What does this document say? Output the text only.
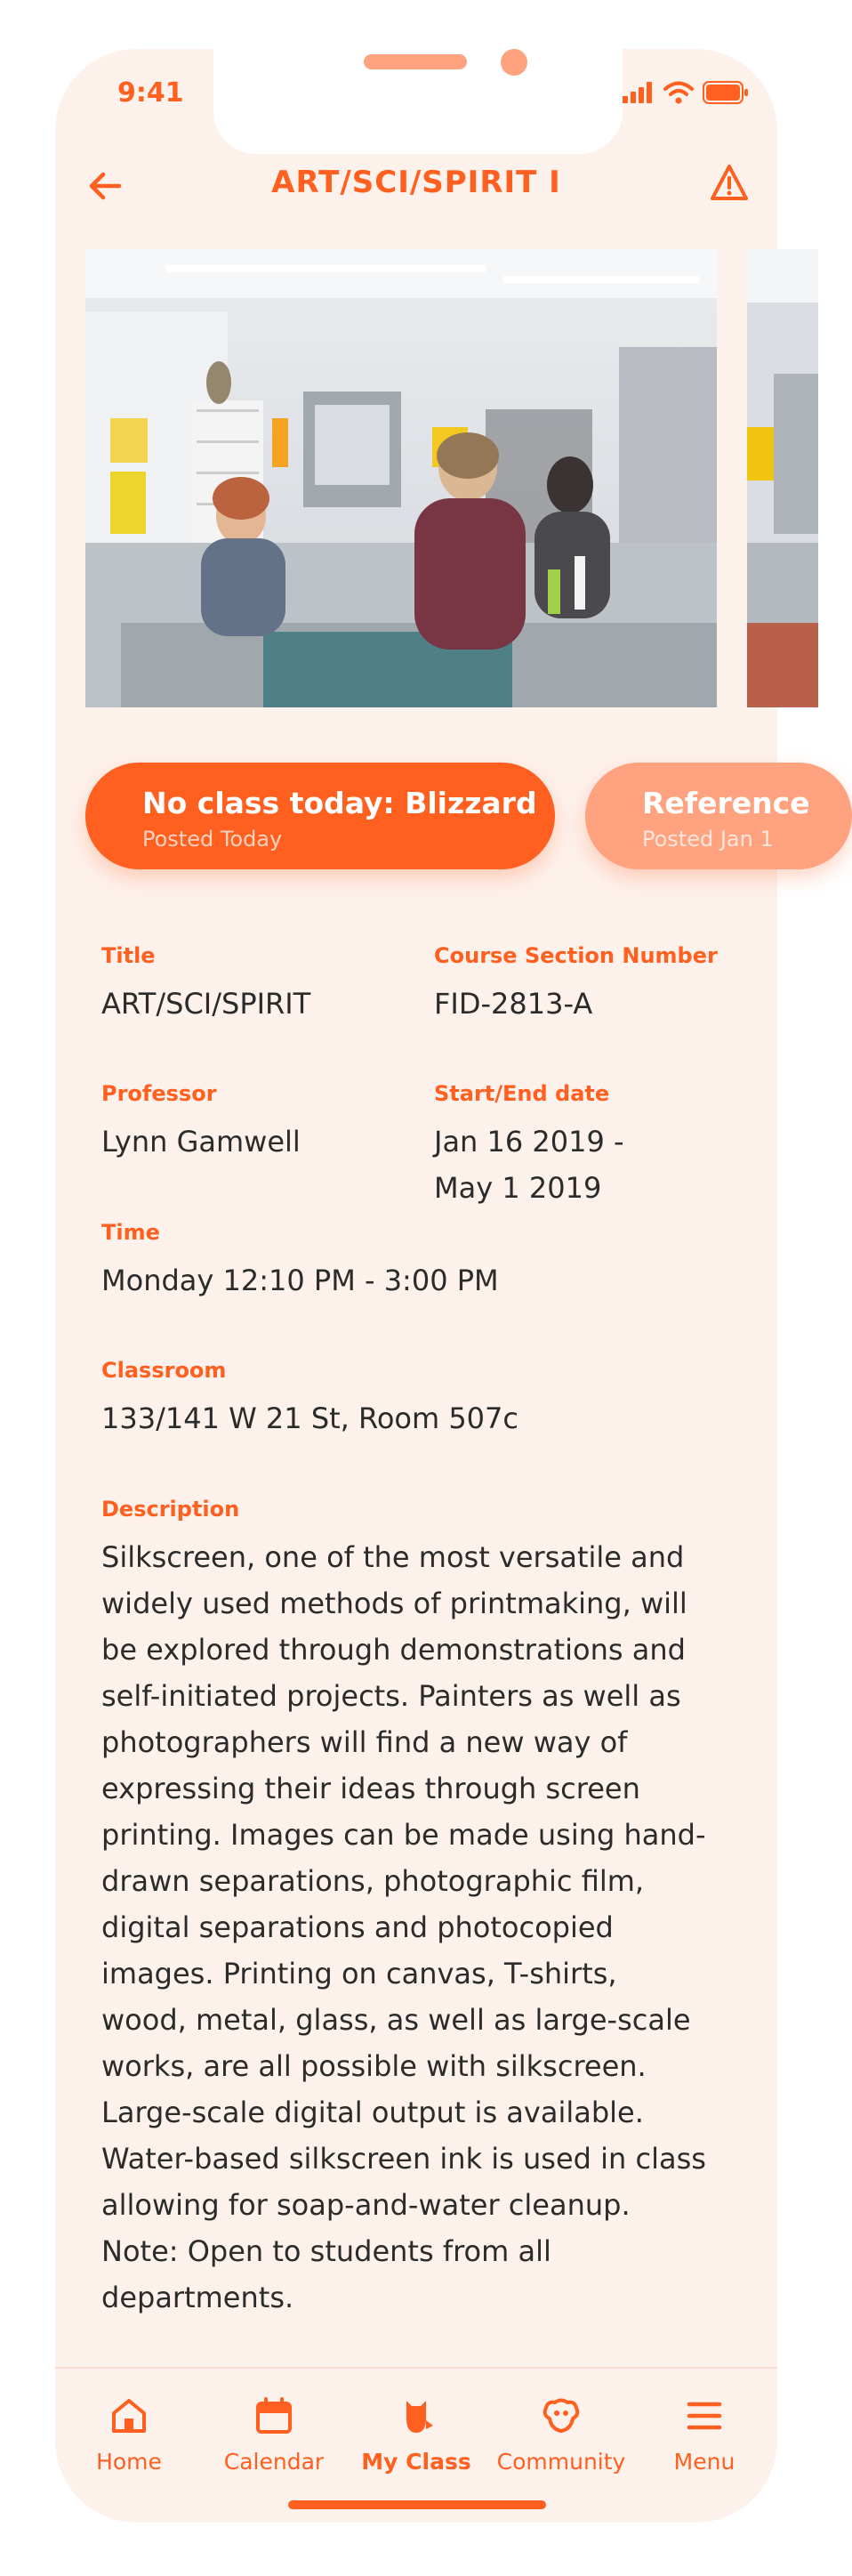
9:41
ART/SCI/SPIRIT I
No class today: Blizzard
Posted Today
Reference
Posted Jan 1
Title
ART/SCI/SPIRIT
Course Section Number
FID-2813-A
Professor
Lynn Gamwell
Start/End date
Jan 16 2019 -
May 1 2019
Time
Monday 12:10 PM - 3:00 PM
Classroom
133/141 W 21 St, Room 507c
Description
Silkscreen, one of the most versatile and
widely used methods of printmaking, will
be explored through demonstrations and
self-initiated projects. Painters as well as
photographers will find a new way of
expressing their ideas through screen
printing. Images can be made using hand-
drawn separations, photographic film,
digital separations and photocopied
images. Printing on canvas, T-shirts,
wood, metal, glass, as well as large-scale
works, are all possible with silkscreen.
Large-scale digital output is available.
Water-based silkscreen ink is used in class
allowing for soap-and-water cleanup.
Note: Open to students from all
departments.
Home	Calendar	My Class	Community	Menu
